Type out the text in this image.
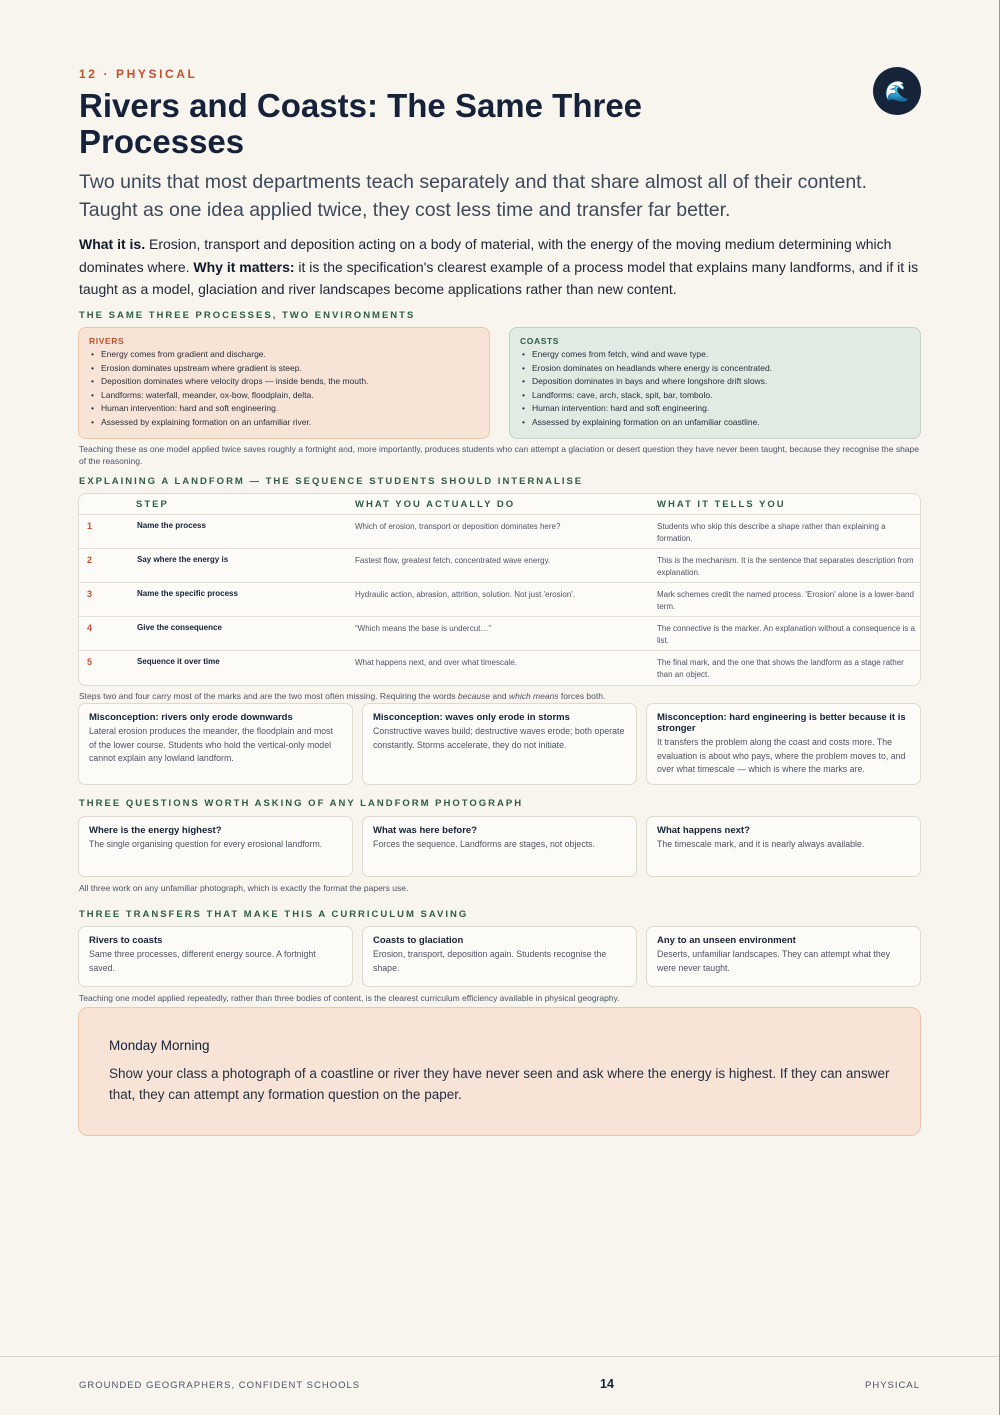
12 · PHYSICAL
🌊
Rivers and Coasts: The Same Three Processes

Two units that most departments teach separately and that share almost all of their content. Taught as one idea applied twice, they cost less time and transfer far better.

What it is. Erosion, transport and deposition acting on a body of material, with the energy of the moving medium determining which dominates where. Why it matters: it is the specification's clearest example of a process model that explains many landforms, and if it is taught as a model, glaciation and river landscapes become applications rather than new content.

THE SAME THREE PROCESSES, TWO ENVIRONMENTS
RIVERS
• Energy comes from gradient and discharge.
• Erosion dominates upstream where gradient is steep.
• Deposition dominates where velocity drops — inside bends, the mouth.
• Landforms: waterfall, meander, ox-bow, floodplain, delta.
• Human intervention: hard and soft engineering.
• Assessed by explaining formation on an unfamiliar river.
COASTS
• Energy comes from fetch, wind and wave type.
• Erosion dominates on headlands where energy is concentrated.
• Deposition dominates in bays and where longshore drift slows.
• Landforms: cave, arch, stack, spit, bar, tombolo.
• Human intervention: hard and soft engineering.
• Assessed by explaining formation on an unfamiliar coastline.

Teaching these as one model applied twice saves roughly a fortnight and, more importantly, produces students who can attempt a glaciation or desert question they have never been taught, because they recognise the shape of the reasoning.

EXPLAINING A LANDFORM — THE SEQUENCE STUDENTS SHOULD INTERNALISE
STEP	WHAT YOU ACTUALLY DO	WHAT IT TELLS YOU
1	Name the process	Which of erosion, transport or deposition dominates here?	Students who skip this describe a shape rather than explaining a formation.
2	Say where the energy is	Fastest flow, greatest fetch, concentrated wave energy.	This is the mechanism. It is the sentence that separates description from explanation.
3	Name the specific process	Hydraulic action, abrasion, attrition, solution. Not just 'erosion'.	Mark schemes credit the named process. 'Erosion' alone is a lower-band term.
4	Give the consequence	“Which means the base is undercut…”	The connective is the marker. An explanation without a consequence is a list.
5	Sequence it over time	What happens next, and over what timescale.	The final mark, and the one that shows the landform as a stage rather than an object.

Steps two and four carry most of the marks and are the two most often missing. Requiring the words because and which means forces both.

Misconception: rivers only erode downwards

Lateral erosion produces the meander, the floodplain and most of the lower course. Students who hold the vertical-only model cannot explain any lowland landform.

Misconception: waves only erode in storms

Constructive waves build; destructive waves erode; both operate constantly. Storms accelerate, they do not initiate.

Misconception: hard engineering is better because it is stronger

It transfers the problem along the coast and costs more. The evaluation is about who pays, where the problem moves to, and over what timescale — which is where the marks are.

THREE QUESTIONS WORTH ASKING OF ANY LANDFORM PHOTOGRAPH
Where is the energy highest?

The single organising question for every erosional landform.

What was here before?

Forces the sequence. Landforms are stages, not objects.

What happens next?

The timescale mark, and it is nearly always available.

All three work on any unfamiliar photograph, which is exactly the format the papers use.

THREE TRANSFERS THAT MAKE THIS A CURRICULUM SAVING
Rivers to coasts

Same three processes, different energy source. A fortnight saved.

Coasts to glaciation

Erosion, transport, deposition again. Students recognise the shape.

Any to an unseen environment

Deserts, unfamiliar landscapes. They can attempt what they were never taught.

Teaching one model applied repeatedly, rather than three bodies of content, is the clearest curriculum efficiency available in physical geography.

Monday Morning

Show your class a photograph of a coastline or river they have never seen and ask where the energy is highest. If they can answer that, they can attempt any formation question on the paper.

GROUNDED GEOGRAPHERS, CONFIDENT SCHOOLS	14	PHYSICAL
